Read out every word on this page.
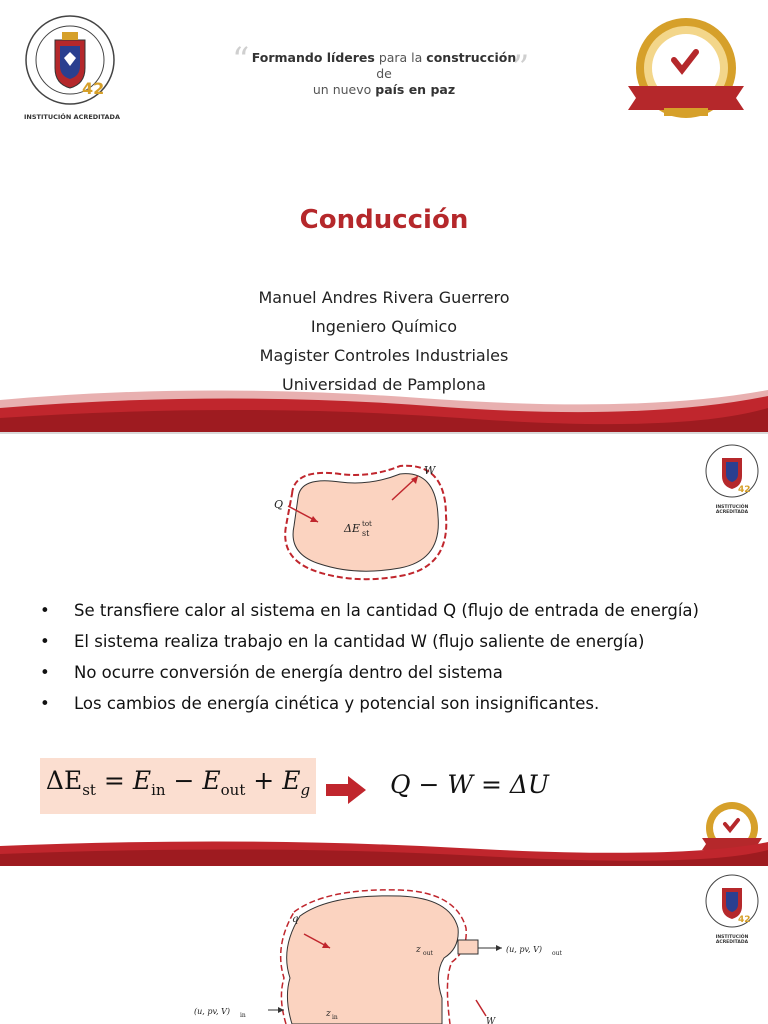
42
INSTITUCIÓN ACREDITADA
“ Formando líderes para la construcción de
un nuevo país en paz
”
Conducción
Manuel Andres Rivera Guerrero
Ingeniero Químico
Magister Controles Industriales
Universidad de Pamplona
Q
W
ΔE tot
st
42
INSTITUCIÓN ACREDITADA
• Se transfiere calor al sistema en la cantidad Q (flujo de entrada de energía)
• El sistema realiza trabajo en la cantidad W (flujo saliente de energía)
• No ocurre conversión de energía dentro del sistema
• Los cambios de energía cinética y potencial son insignificantes.
$\Delta E_{st} = E_{in} - E_{out} + E_g$	Q − W = ΔU
42
INSTITUCIÓN ACREDITADA
q
z out
z in
(u, pv, V) out
(u, pv, V) in
W
